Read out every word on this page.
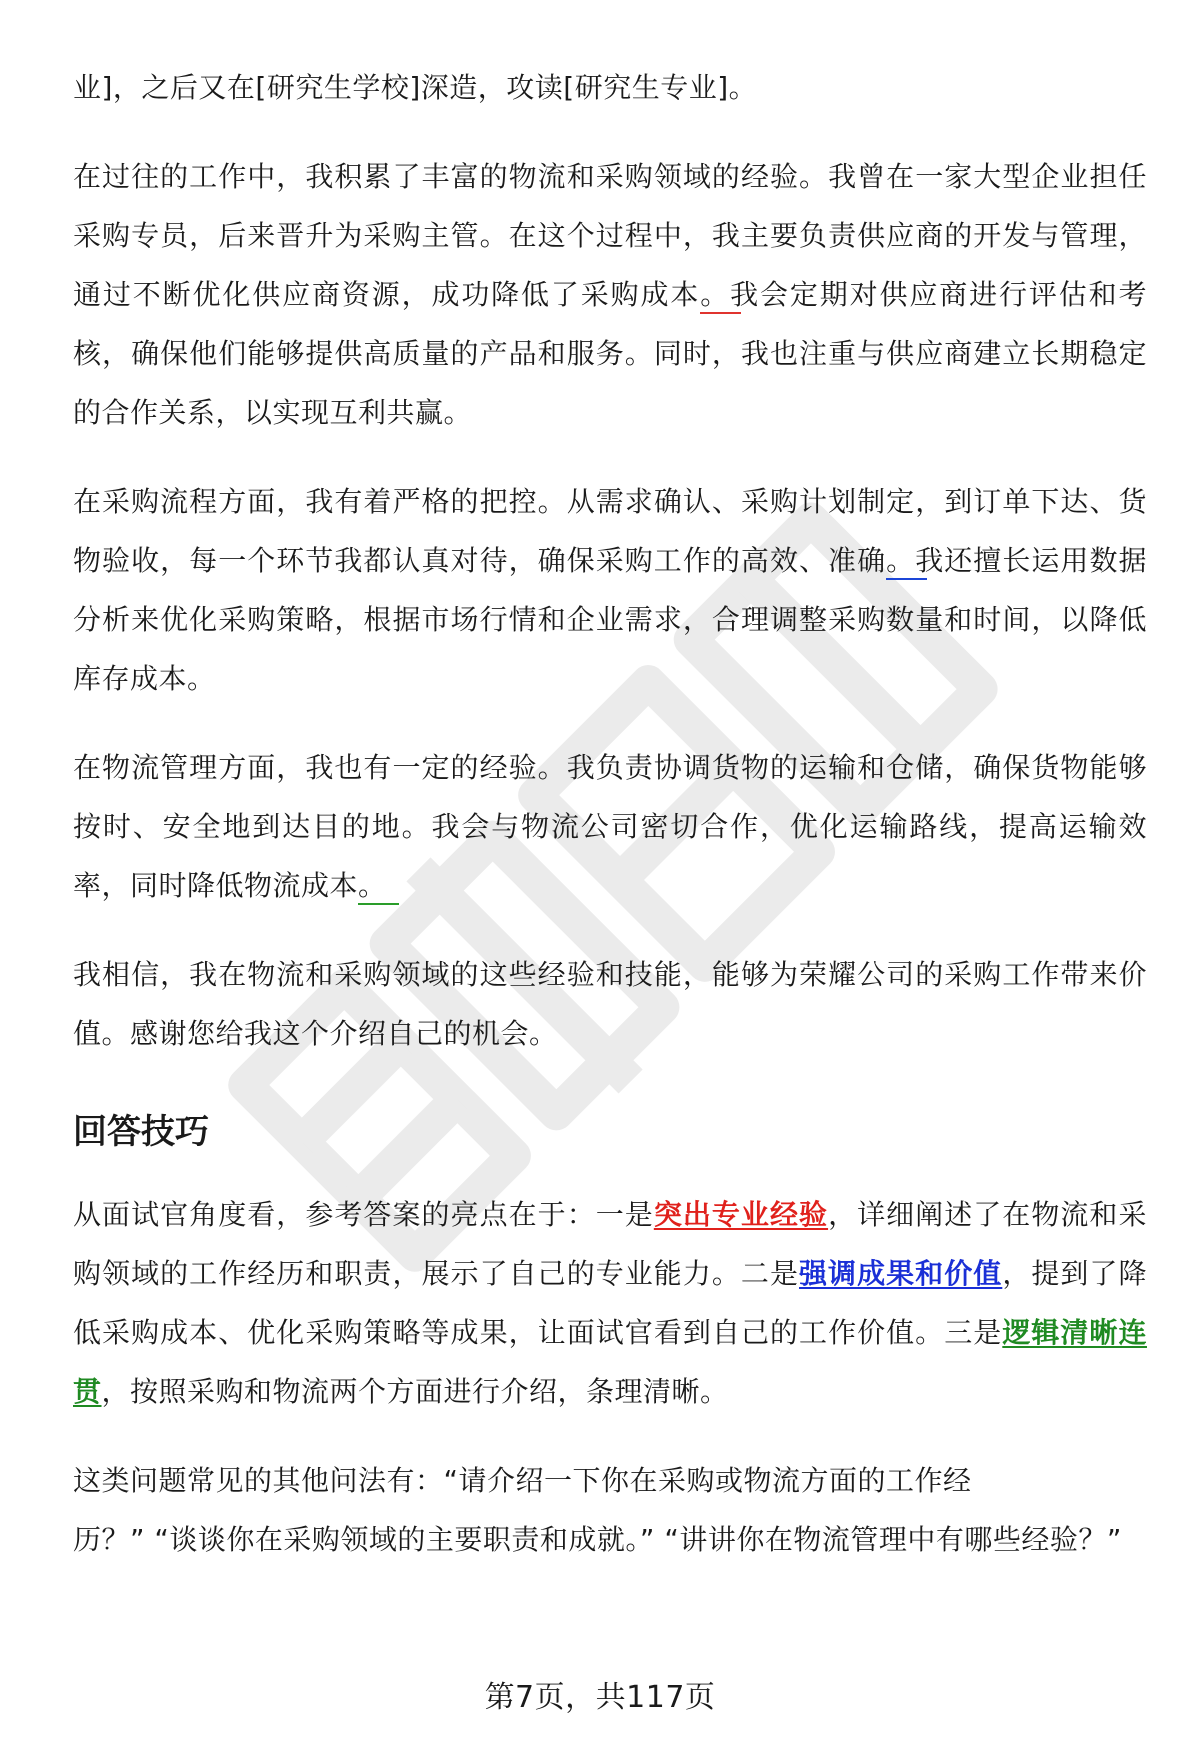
业]，之后又在[研究生学校]深造，攻读[研究生专业]。

在过往的工作中，我积累了丰富的物流和采购领域的经验。我曾在一家大型企业担任采购专员，后来晋升为采购主管。在这个过程中，我主要负责供应商的开发与管理，通过不断优化供应商资源，成功降低了采购成本。我会定期对供应商进行评估和考核，确保他们能够提供高质量的产品和服务。同时，我也注重与供应商建立长期稳定的合作关系，以实现互利共赢。

在采购流程方面，我有着严格的把控。从需求确认、采购计划制定，到订单下达、货物验收，每一个环节我都认真对待，确保采购工作的高效、准确。我还擅长运用数据分析来优化采购策略，根据市场行情和企业需求，合理调整采购数量和时间，以降低库存成本。

在物流管理方面，我也有一定的经验。我负责协调货物的运输和仓储，确保货物能够按时、安全地到达目的地。我会与物流公司密切合作，优化运输路线，提高运输效率，同时降低物流成本。

我相信，我在物流和采购领域的这些经验和技能，能够为荣耀公司的采购工作带来价值。感谢您给我这个介绍自己的机会。

回答技巧

从面试官角度看，参考答案的亮点在于：一是突出专业经验，详细阐述了在物流和采购领域的工作经历和职责，展示了自己的专业能力。二是强调成果和价值，提到了降低采购成本、优化采购策略等成果，让面试官看到自己的工作价值。三是逻辑清晰连贯，按照采购和物流两个方面进行介绍，条理清晰。

这类问题常见的其他问法有：“请介绍一下你在采购或物流方面的工作经
历？” “谈谈你在采购领域的主要职责和成就。” “讲讲你在物流管理中有哪些经验？”

第7页，共117页
